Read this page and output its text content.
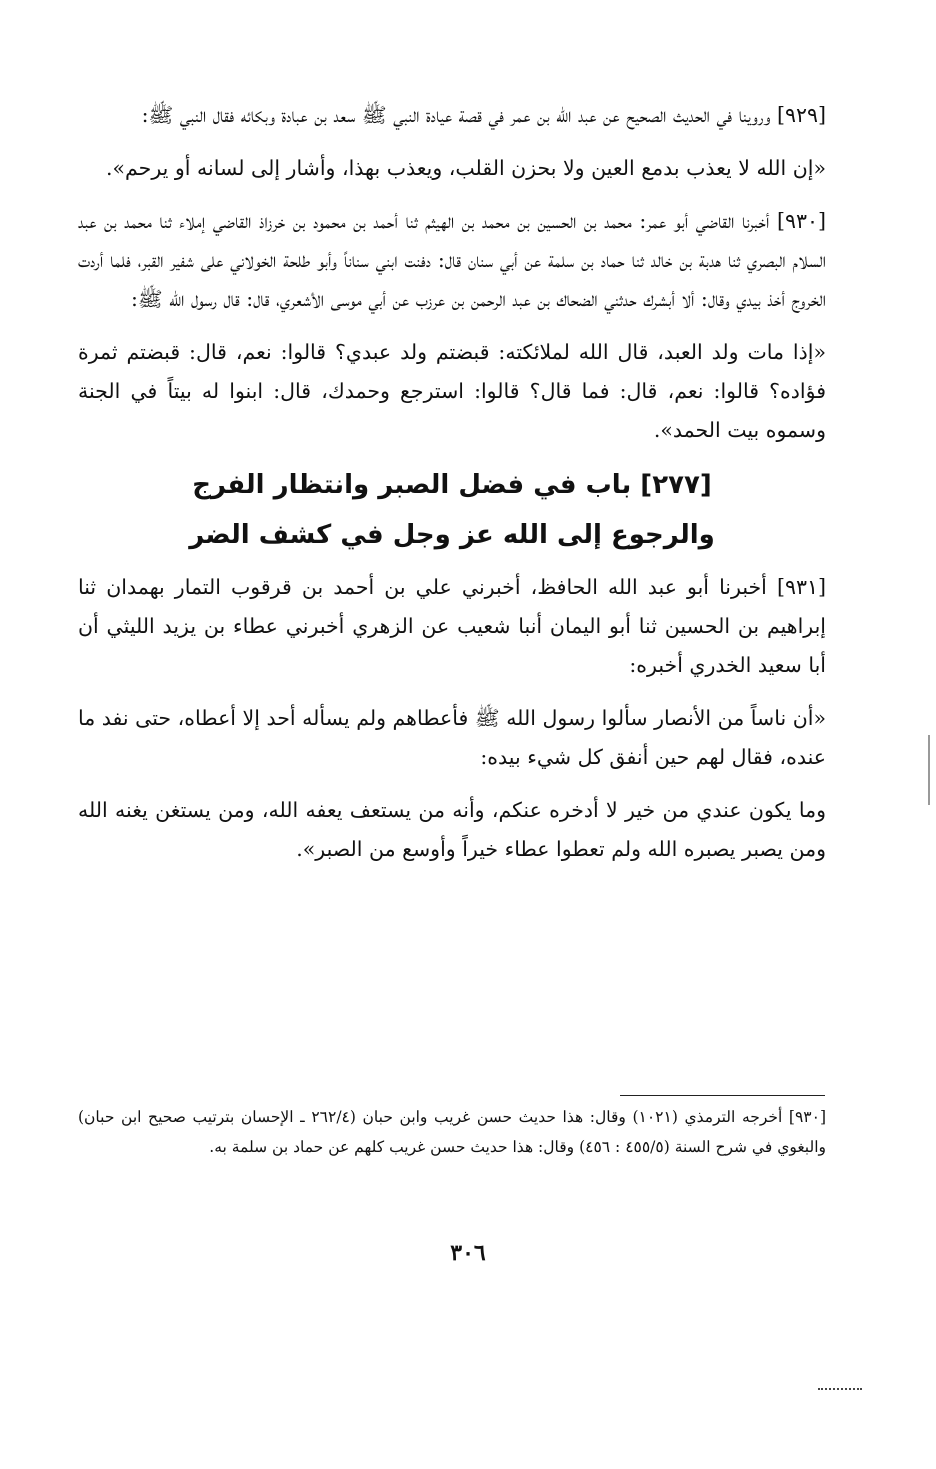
[٩٢٩] وروينا في الحديث الصحيح عن عبد الله بن عمر في قصة عيادة النبي ﷺ سعد بن عبادة وبكائه فقال النبي ﷺ:

«إن الله لا يعذب بدمع العين ولا بحزن القلب، ويعذب بهذا، وأشار إلى لسانه أو يرحم».

[٩٣٠] أخبرنا القاضي أبو عمر: محمد بن الحسين بن محمد بن الهيثم ثنا أحمد بن محمود بن خرزاذ القاضي إملاء ثنا محمد بن عبد السلام البصري ثنا هدبة بن خالد ثنا حماد بن سلمة عن أبي سنان قال: دفنت ابني سناناً وأبو طلحة الخولاني على شفير القبر، فلما أردت الخروج أخذ بيدي وقال: ألا أبشرك حدثني الضحاك بن عبد الرحمن بن عرزب عن أبي موسى الأشعري، قال: قال رسول الله ﷺ:

«إذا مات ولد العبد، قال الله لملائكته: قبضتم ولد عبدي؟ قالوا: نعم، قال: قبضتم ثمرة فؤاده؟ قالوا: نعم، قال: فما قال؟ قالوا: استرجع وحمدك، قال: ابنوا له بيتاً في الجنة وسموه بيت الحمد».

[٢٧٧] باب في فضل الصبر وانتظار الفرج
والرجوع إلى الله عز وجل في كشف الضر

[٩٣١] أخبرنا أبو عبد الله الحافظ، أخبرني علي بن أحمد بن قرقوب التمار بهمدان ثنا إبراهيم بن الحسين ثنا أبو اليمان أنبا شعيب عن الزهري أخبرني عطاء بن يزيد الليثي أن أبا سعيد الخدري أخبره:

«أن ناساً من الأنصار سألوا رسول الله ﷺ فأعطاهم ولم يسأله أحد إلا أعطاه، حتى نفد ما عنده، فقال لهم حين أنفق كل شيء بيده:

وما يكون عندي من خير لا أدخره عنكم، وأنه من يستعف يعفه الله، ومن يستغن يغنه الله ومن يصبر يصبره الله ولم تعطوا عطاء خيراً وأوسع من الصبر».

[٩٣٠] أخرجه الترمذي (١٠٢١) وقال: هذا حديث حسن غريب وابن حبان (٢٦٢/٤ ـ الإحسان بترتيب صحيح ابن حبان) والبغوي في شرح السنة (٤٥٥/٥ : ٤٥٦) وقال: هذا حديث حسن غريب كلهم عن حماد بن سلمة به.

٣٠٦
